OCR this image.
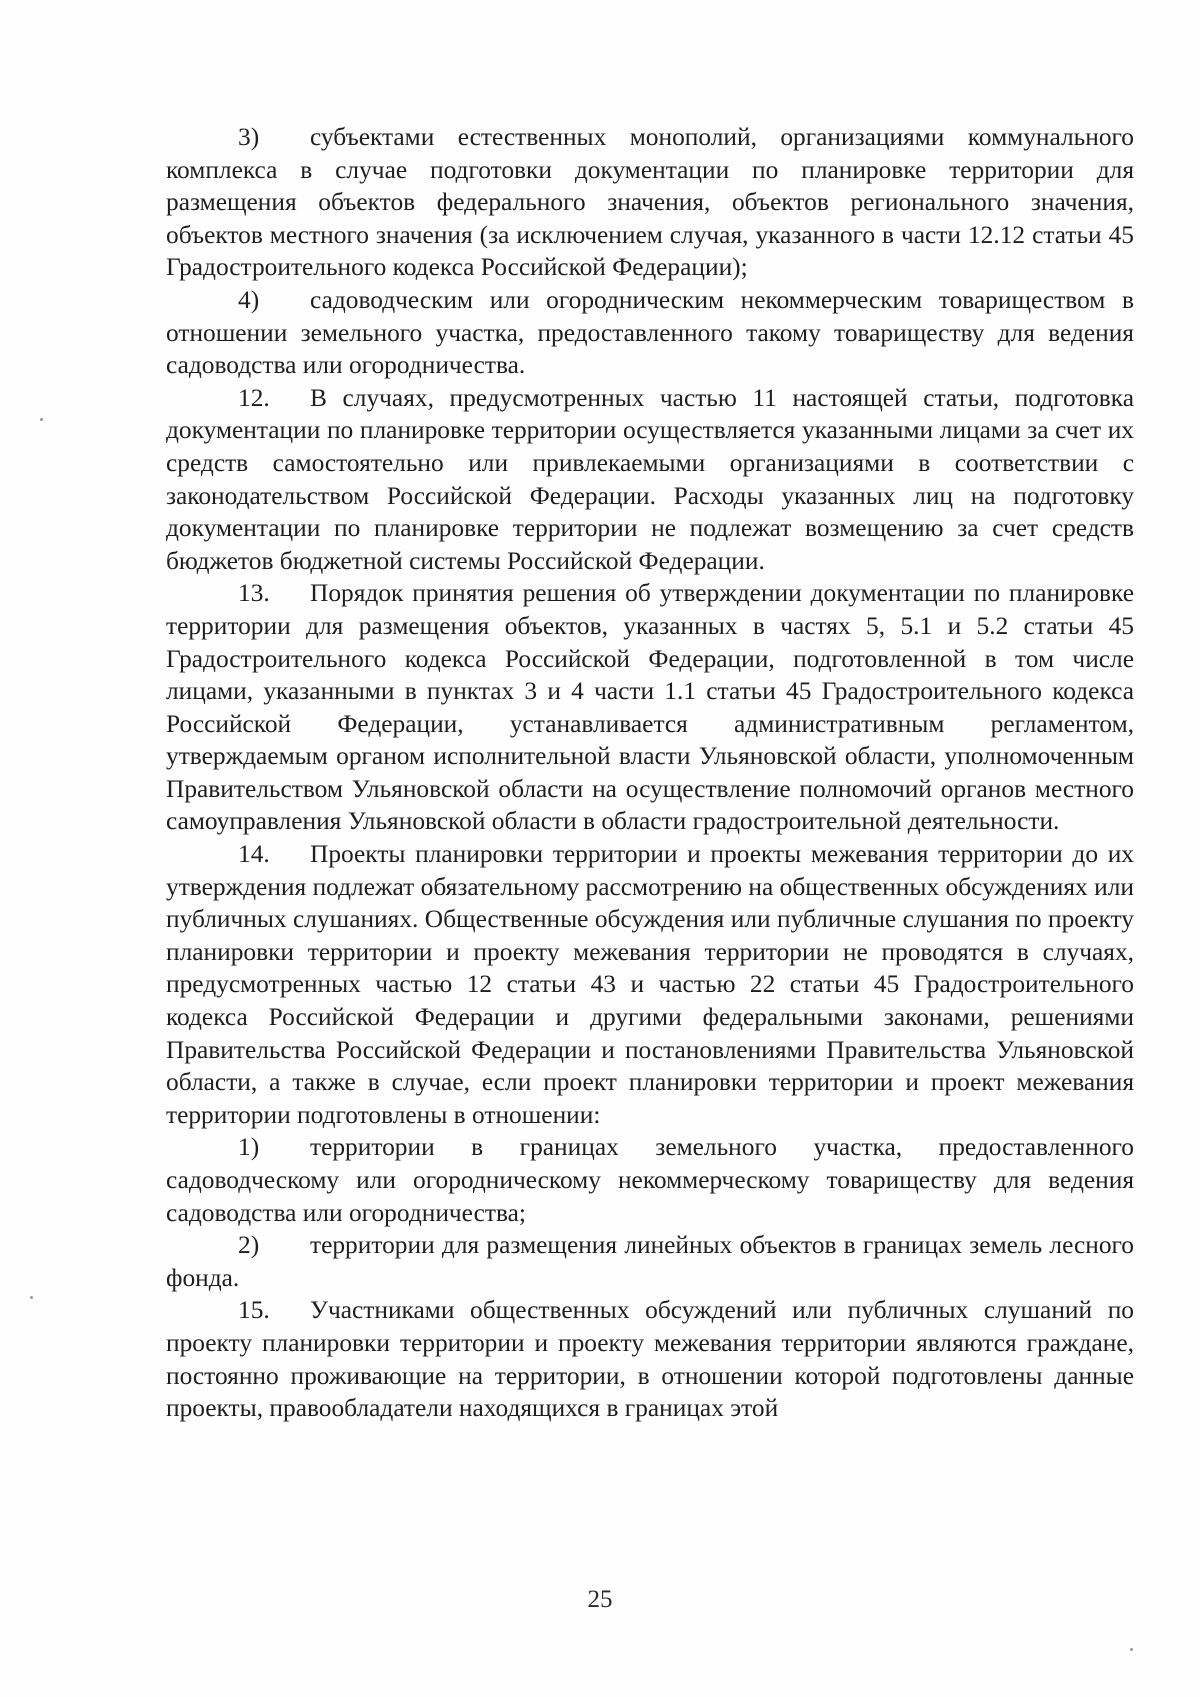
3) субъектами естественных монополий, организациями коммунального комплекса в случае подготовки документации по планировке территории для размещения объектов федерального значения, объектов регионального значения, объектов местного значения (за исключением случая, указанного в части 12.12 статьи 45 Градостроительного кодекса Российской Федерации);

4) садоводческим или огородническим некоммерческим товариществом в отношении земельного участка, предоставленного такому товариществу для ведения садоводства или огородничества.

12. В случаях, предусмотренных частью 11 настоящей статьи, подготовка документации по планировке территории осуществляется указанными лицами за счет их средств самостоятельно или привлекаемыми организациями в соответствии с законодательством Российской Федерации. Расходы указанных лиц на подготовку документации по планировке территории не подлежат возмещению за счет средств бюджетов бюджетной системы Российской Федерации.

13. Порядок принятия решения об утверждении документации по планировке территории для размещения объектов, указанных в частях 5, 5.1 и 5.2 статьи 45 Градостроительного кодекса Российской Федерации, подготовленной в том числе лицами, указанными в пунктах 3 и 4 части 1.1 статьи 45 Градостроительного кодекса Российской Федерации, устанавливается административным регламентом, утверждаемым органом исполнительной власти Ульяновской области, уполномоченным Правительством Ульяновской области на осуществление полномочий органов местного самоуправления Ульяновской области в области градостроительной деятельности.

14. Проекты планировки территории и проекты межевания территории до их утверждения подлежат обязательному рассмотрению на общественных обсуждениях или публичных слушаниях. Общественные обсуждения или публичные слушания по проекту планировки территории и проекту межевания территории не проводятся в случаях, предусмотренных частью 12 статьи 43 и частью 22 статьи 45 Градостроительного кодекса Российской Федерации и другими федеральными законами, решениями Правительства Российской Федерации и постановлениями Правительства Ульяновской области, а также в случае, если проект планировки территории и проект межевания территории подготовлены в отношении:

1) территории в границах земельного участка, предоставленного садоводческому или огородническому некоммерческому товариществу для ведения садоводства или огородничества;

2) территории для размещения линейных объектов в границах земель лесного фонда.

15. Участниками общественных обсуждений или публичных слушаний по проекту планировки территории и проекту межевания территории являются граждане, постоянно проживающие на территории, в отношении которой подготовлены данные проекты, правообладатели находящихся в границах этой

25
